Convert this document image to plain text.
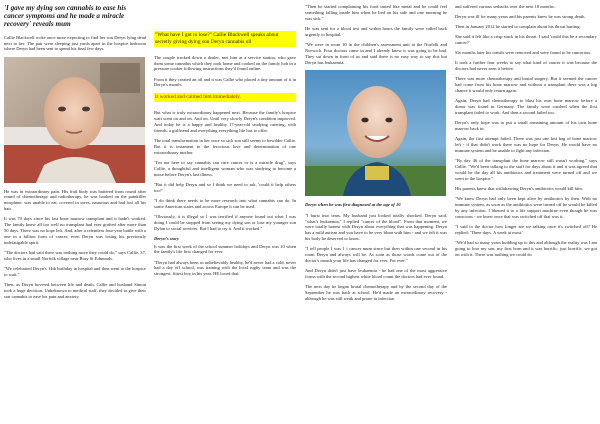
'I gave my dying son cannabis to ease his cancer symptoms and he made a miracle recovery' reveals mum

Callie Blackwell woke once more expecting to find her son Deryn lying dead next to her. The pair were sleeping just yards apart in the hospice bedroom where Deryn had been sent to spend his final few days.

He was in extraordinary pain. His frail body was battered from round after round of chemotherapy and radiotherapy, he was hooked on the painkiller morphine, was unable to eat, covered in sores, nauseous and had lost all his hair.

It was 70 days since his last bone marrow transplant and it hadn't worked. The family knew all too well no transplant had ever grafted after more than 50 days. There was no hope left. And, after a relentless four-year battle with a one in a billion form of cancer, even Deryn was losing his previously indefatigable spirit.

"The doctors had said there was nothing more they could do," says Callie, 37, who lives in a small Norfolk village near Bury St Edmunds.

"We celebrated Deryn's 14th birthday in hospital and then went to the hospice to wait."

Then, as Deryn hovered between life and death, Callie and husband Simon took a huge decision. Unbeknown to medical staff, they decided to give their son cannabis to ease his pain and anxiety.

"What have I got to lose?" Callie Blackwell speaks about secretly giving dying son Deryn cannabis oil

The couple tracked down a dealer, met him at a service station, who gave them some cannabis which they took home and cooked on the family hob in a pressure cooker following instructions they'd found online.

From it they created an oil and it was Callie who placed a tiny amount of it in Deryn's mouth.

It worked and calmed him immediately.

But what is truly extraordinary happened next. Because the family's hospice wait went on and on. And on. Until very slowly Deryn's condition improved. And today he is a happy and healthy 17-year-old studying catering, with friends, a girlfriend and everything everything life has to offer.

The total transformation in her once so sick son still seems to bewilder Callie. But it is testament to the ferocious love and determination of one extraordinary mother.

"I'm not here to say cannabis can cure cancer or is a miracle drug", says Callie, a thoughtful and intelligent woman who was studying to become a nurse before Deryn's last illness.

"But it did help Deryn and so I think we need to ask, 'could it help others too?'

"I do think there needs to be more research into what cannabis can do. In some American states and across Europe it can be used.

"Obviously, it is illegal so I was terrified if anyone found out what I was doing I could be stopped from seeing my dying son or lose my younger son Dylan to social services. But I had to try it. And it worked."

Deryn's story

It was the first week of the school summer holidays and Deryn was 10 when the family's life first changed for ever.

"Deryn had always been so unbelievably healthy, he'd never had a cold, never had a day off school, was training with the local rugby team and was the strongest, fittest boy in his year. HE loved that.

"Then he started complaining his food tasted like metal and he could feel something falling inside him when he lied on his side and one morning he was sick."

He was sent for a blood test and within hours the family were called back urgently to hospital.

"We were in room 10 in the children's assessment unit at the Norfolk and Norwich. Four doctors came in and I already knew it was going to be bad. They sat down in front of us and said there is no easy way to say this but Deryn has leukaemia.

Deryn when he was first diagnosed at the age of 10

"I burst into tears. My husband just looked totally shocked. Deryn said, "what's leukaemia," I replied "cancer of the blood". From that moment, we were totally honest with Deryn about everything that was happening. Deryn has a mild autism and you have to be very blunt with him - and we felt it was his body he deserved to know.

"I tell people I was 1 i cancer mum since but then within one second in his room Deryn and always will be. As soon as those words come out of the doctor's mouth your life has changed for ever. For ever."

And Deryn didn't just have leukaemia - he had one of the most aggressive forms with the second highest white blood count the doctors had ever found.

The next day he began brutal chemotherapy and by the second day of the September he was back at school. He'd made an extraordinary recovery - although he was still weak and prone to infection

and suffered various setbacks over the next 18 months.

Deryn was ill for many years and his parents knew he was strong death.

Then in January 2012 he started to complain about his throat hurting.

She said it felt like a crisp stuck in his throat. I said 'could this be a secondary cancer?'

Six months later his tonsils were removed and were found to be cancerous.

It took a further four weeks to say what kind of cancer it was because the doctors had never seen it before.

There was more chemotherapy and brutal surgery. But it seemed the cancer had come from his bone marrow and without a transplant there was a big chance it would only return again.

Again, Deryn had chemotherapy to blast his own bone marrow before a donor was found in Germany. The family were crushed when the first transplant failed to work. And then a second failed too.

Deryn's only hope was to put a small remaining amount of his own bone marrow back in.

Again, the first attempt failed. There was just one last bag of bone marrow left - if that didn't work there was no hope for Deryn. He would have no immune system and be unable to fight any infection.

"By day 46 of the transplant the bone marrow still wasn't working," says Callie. "We'd been talking to the staff for days about it and it was agreed that would be the day all his antibiotics and treatment were turned off and we went to the hospice."

His parents knew that withdrawing Deryn's antibiotics would kill him.

"We knew Deryn had only been kept alive by antibiotics by then. With no immune system, as soon as the antibiotics were turned off he would be killed by any infection. I likened it to a life support machine even though he was conscious - we knew once that was switched off that was it.

"I said to the doctor how longer are we talking once it's switched off? He replied: 'Three days. A week at most.'

"We'd had so many years building up to this and although the reality was I am going to lose my son, my first born and it was horrific, just horrific, we got on with it. There was nothing we could do
